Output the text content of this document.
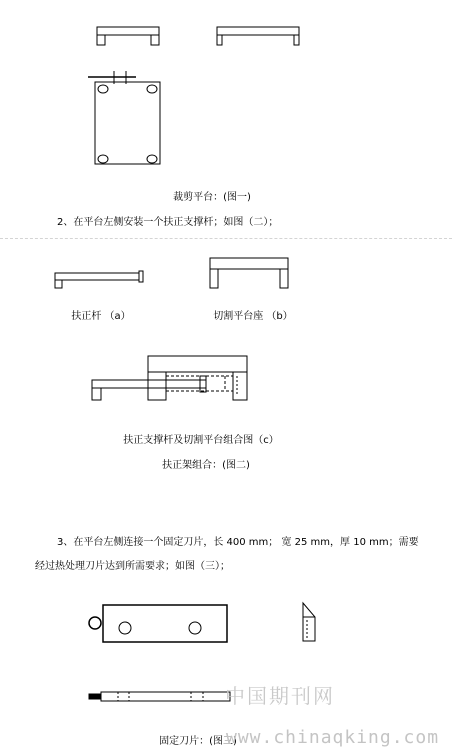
裁剪平台：(图一)
2、在平台左侧安装一个扶正支撑杆；如图（二）；
扶正杆 （a）	切割平台座 （b）
扶正支撑杆及切割平台组合图（c）
扶正架组合：(图二)
3、在平台左侧连接一个固定刀片，长 400 mm； 宽 25 mm，厚 10 mm；需要
经过热处理刀片达到所需要求；如图（三）；
固定刀片：(图三)
中国期刊网
www.chinaqking.com
